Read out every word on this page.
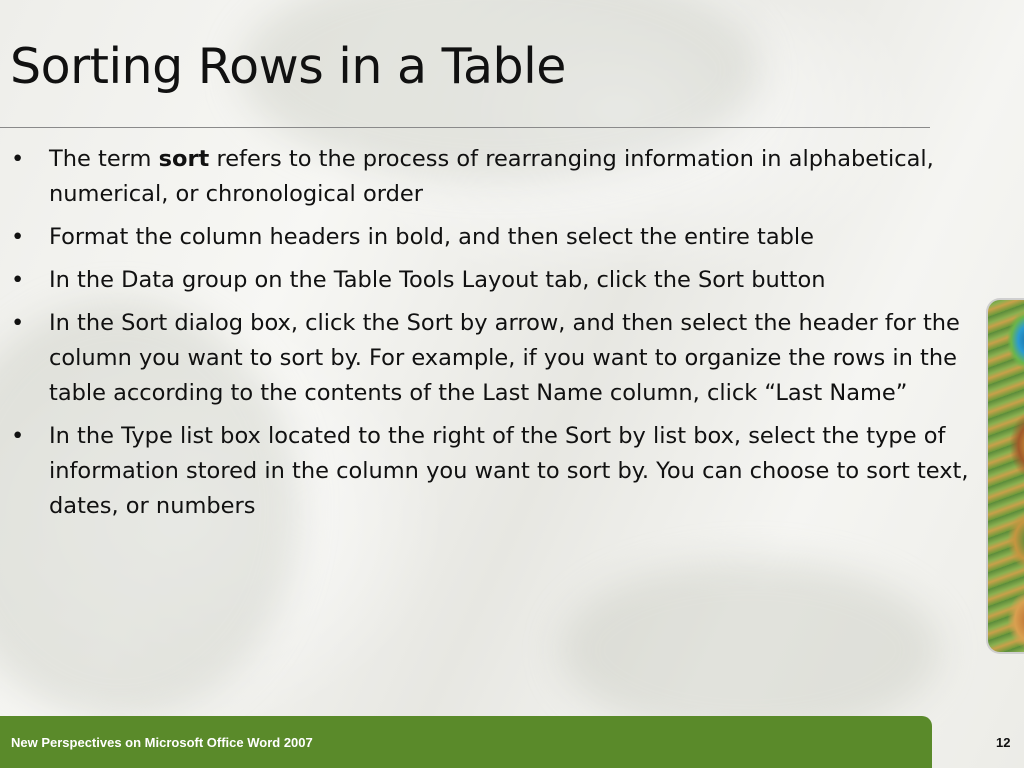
Sorting Rows in a Table
• The term sort refers to the process of rearranging information in alphabetical, numerical, or chronological order
• Format the column headers in bold, and then select the entire table
• In the Data group on the Table Tools Layout tab, click the Sort button
• In the Sort dialog box, click the Sort by arrow, and then select the header for the column you want to sort by. For example, if you want to organize the rows in the table according to the contents of the Last Name column, click “Last Name”
• In the Type list box located to the right of the Sort by list box, select the type of information stored in the column you want to sort by. You can choose to sort text, dates, or numbers
New Perspectives on Microsoft Office Word 2007	12
